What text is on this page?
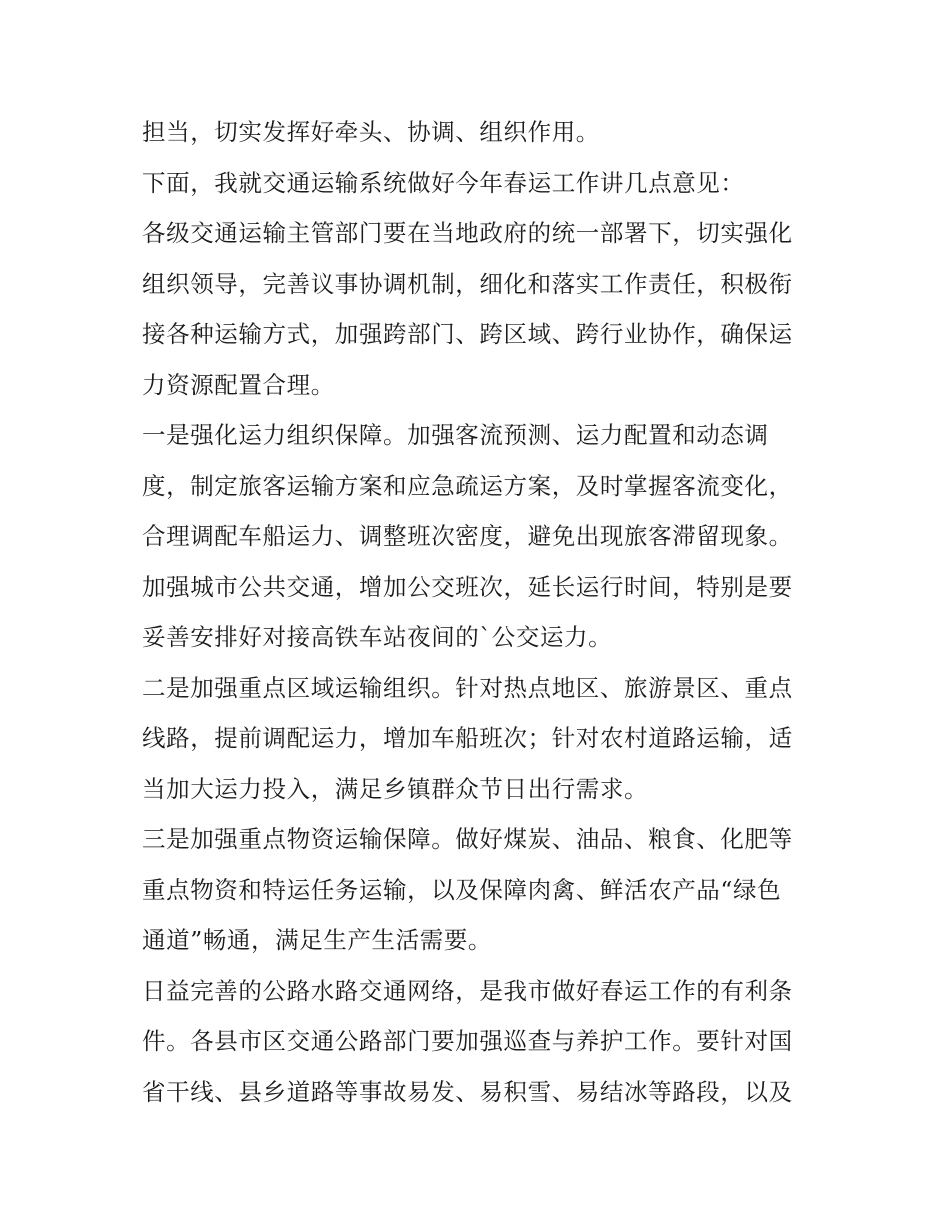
担当，切实发挥好牵头、协调、组织作用。
下面，我就交通运输系统做好今年春运工作讲几点意见：
各级交通运输主管部门要在当地政府的统一部署下，切实强化
组织领导，完善议事协调机制，细化和落实工作责任，积极衔
接各种运输方式，加强跨部门、跨区域、跨行业协作，确保运
力资源配置合理。
一是强化运力组织保障。加强客流预测、运力配置和动态调
度，制定旅客运输方案和应急疏运方案，及时掌握客流变化，
合理调配车船运力、调整班次密度，避免出现旅客滞留现象。
加强城市公共交通，增加公交班次，延长运行时间，特别是要
妥善安排好对接高铁车站夜间的`公交运力。
二是加强重点区域运输组织。针对热点地区、旅游景区、重点
线路，提前调配运力，增加车船班次；针对农村道路运输，适
当加大运力投入，满足乡镇群众节日出行需求。
三是加强重点物资运输保障。做好煤炭、油品、粮食、化肥等
重点物资和特运任务运输，以及保障肉禽、鲜活农产品“绿色
通道”畅通，满足生产生活需要。
日益完善的公路水路交通网络，是我市做好春运工作的有利条
件。各县市区交通公路部门要加强巡查与养护工作。要针对国
省干线、县乡道路等事故易发、易积雪、易结冰等路段，以及
